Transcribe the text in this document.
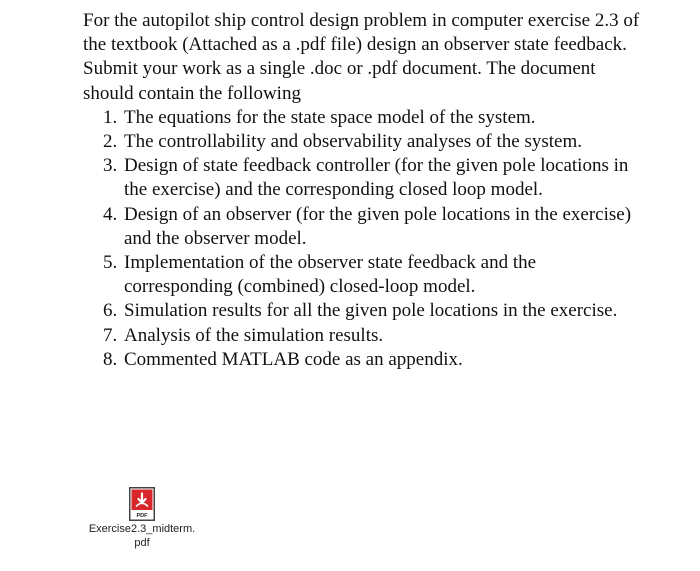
For the autopilot ship control design problem in computer exercise 2.3 of the textbook (Attached as a .pdf file) design an observer state feedback. Submit your work as a single .doc or .pdf document. The document should contain the following

1. The equations for the state space model of the system.
2. The controllability and observability analyses of the system.
3. Design of state feedback controller (for the given pole locations in the exercise) and the corresponding closed loop model.
4. Design of an observer (for the given pole locations in the exercise) and the observer model.
5. Implementation of the observer state feedback and the corresponding (combined) closed-loop model.
6. Simulation results for all the given pole locations in the exercise.
7. Analysis of the simulation results.
8. Commented MATLAB code as an appendix.
PDF
Exercise2.3_midterm.
pdf
